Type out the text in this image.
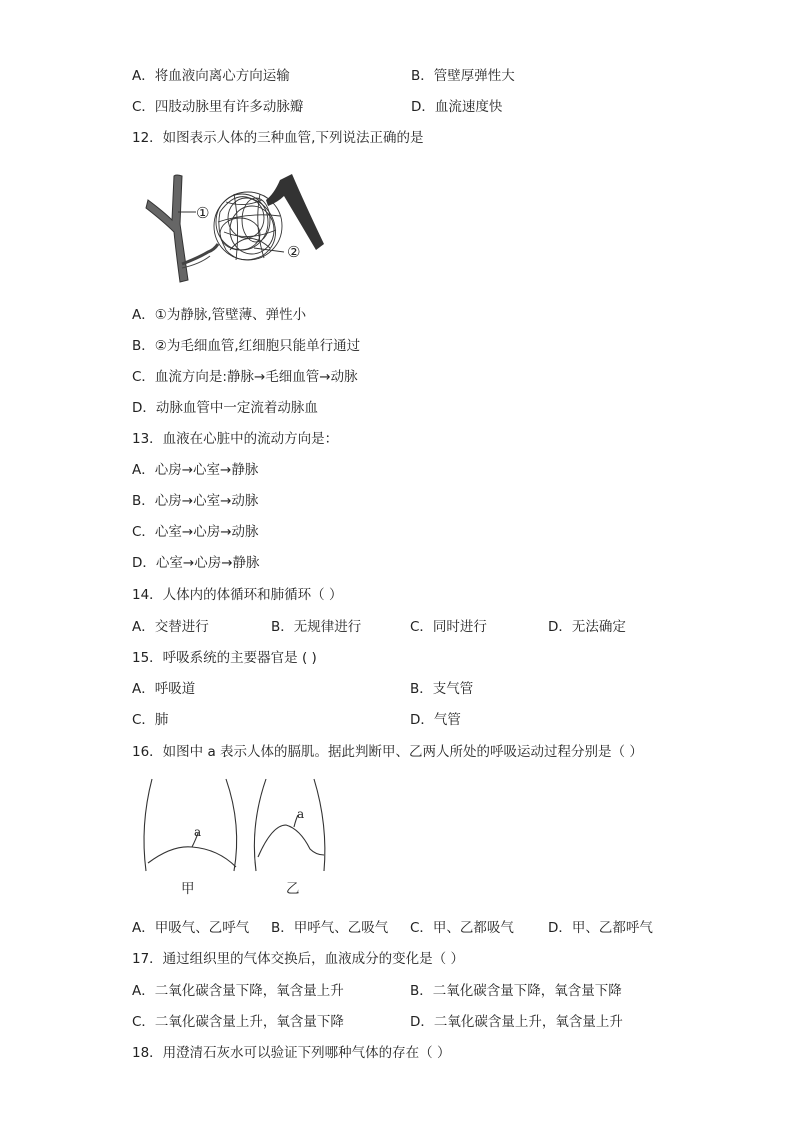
A．将血液向离心方向运输	B．管壁厚弹性大
C．四肢动脉里有许多动脉瓣	D．血流速度快
12．如图表示人体的三种血管,下列说法正确的是
①
②
A．①为静脉,管壁薄、弹性小
B．②为毛细血管,红细胞只能单行通过
C．血流方向是:静脉→毛细血管→动脉
D．动脉血管中一定流着动脉血
13．血液在心脏中的流动方向是：
A．心房→心室→静脉
B．心房→心室→动脉
C．心室→心房→动脉
D．心室→心房→静脉
14．人体内的体循环和肺循环（ ）
A．交替进行	B．无规律进行	C．同时进行	D．无法确定
15．呼吸系统的主要器官是 ( )
A．呼吸道	B．支气管
C．肺	D．气管
16．如图中 a 表示人体的膈肌。据此判断甲、乙两人所处的呼吸运动过程分别是（ ）
a
a
甲	乙
A．甲吸气、乙呼气 B．甲呼气、乙吸气 C．甲、乙都吸气	D．甲、乙都呼气
17．通过组织里的气体交换后，血液成分的变化是（ ）
A．二氧化碳含量下降，氧含量上升	B．二氧化碳含量下降，氧含量下降
C．二氧化碳含量上升，氧含量下降	D．二氧化碳含量上升，氧含量上升
18．用澄清石灰水可以验证下列哪种气体的存在（ ）
